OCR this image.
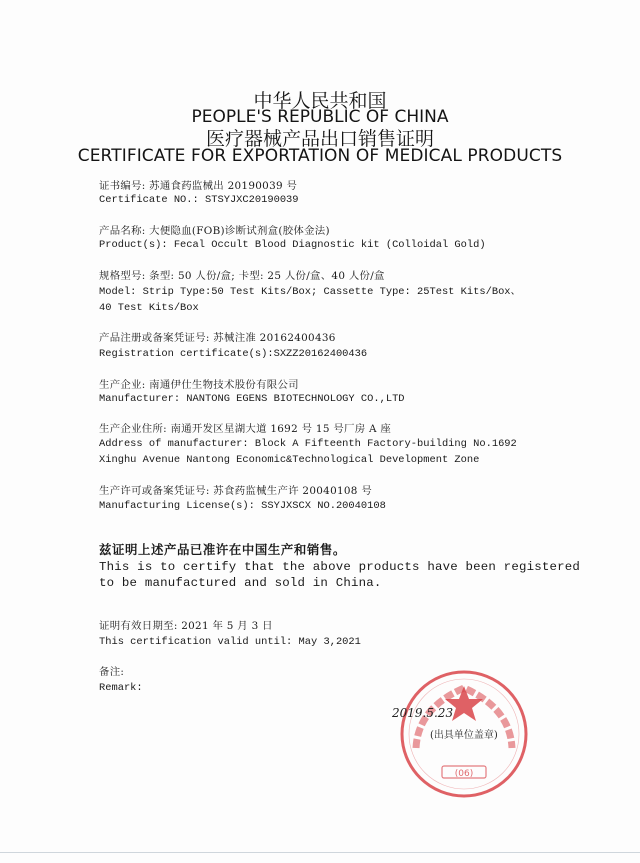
中华人民共和国
PEOPLE'S REPUBLIC OF CHINA
医疗器械产品出口销售证明
CERTIFICATE FOR EXPORTATION OF MEDICAL PRODUCTS
证书编号: 苏通食药监械出 20190039 号
Certificate NO.: STSYJXC20190039
产品名称: 大便隐血(FOB)诊断试剂盒(胶体金法)
Product(s): Fecal Occult Blood Diagnostic kit (Colloidal Gold)
规格型号: 条型: 50 人份/盒; 卡型: 25 人份/盒、40 人份/盒
Model: Strip Type:50 Test Kits/Box; Cassette Type: 25Test Kits/Box、
40 Test Kits/Box
产品注册或备案凭证号: 苏械注准 20162400436
Registration certificate(s):SXZZ20162400436
生产企业: 南通伊仕生物技术股份有限公司
Manufacturer: NANTONG EGENS BIOTECHNOLOGY CO.,LTD
生产企业住所: 南通开发区星湖大道 1692 号 15 号厂房 A 座
Address of manufacturer: Block A Fifteenth Factory-building No.1692
Xinghu Avenue Nantong Economic&Technological Development Zone
生产许可或备案凭证号: 苏食药监械生产许 20040108 号
Manufacturing License(s): SSYJXSCX NO.20040108
兹证明上述产品已准许在中国生产和销售。
This is to certify that the above products have been registered
to be manufactured and sold in China.
证明有效日期至: 2021 年 5 月 3 日
This certification valid until: May 3,2021
备注:
Remark:
(06)
2019.5.23
(出具单位盖章)
